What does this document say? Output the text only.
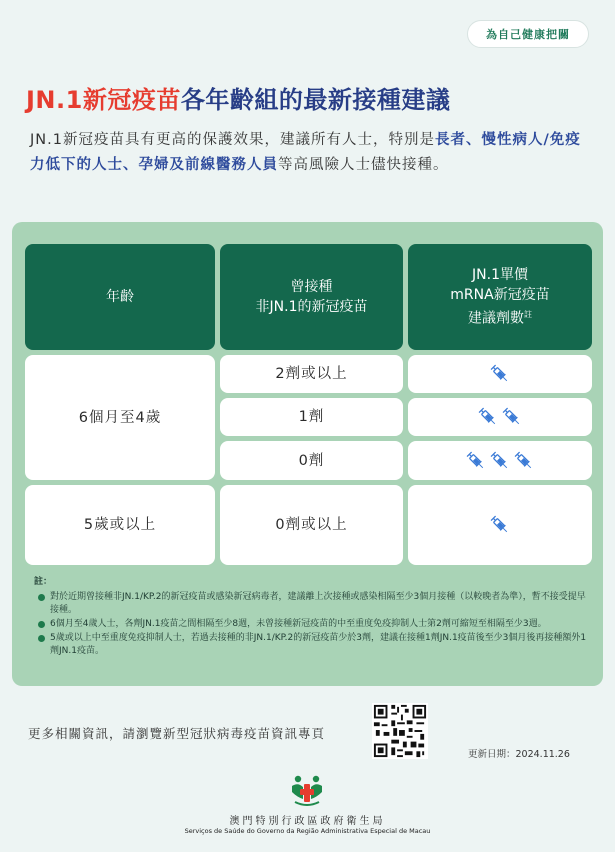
為自己健康把關
JN.1新冠疫苗各年齡組的最新接種建議
JN.1新冠疫苗具有更高的保護效果，建議所有人士，特別是長者、慢性病人/免疫力低下的人士、孕婦及前線醫務人員等高風險人士儘快接種。
年齡
曾接種
非JN.1的新冠疫苗
JN.1單價
mRNA新冠疫苗
建議劑數$^註$
6個月至4歲
2劑或以上
1劑
0劑
5歲或以上	0劑或以上
註：
對於近期曾接種非JN.1/KP.2的新冠疫苗或感染新冠病毒者，建議離上次接種或感染相隔至少3個月接種（以較晚者為準），暫不接受提早接種。
6個月至4歲人士，各劑JN.1疫苗之間相隔至少8週，未曾接種新冠疫苗的中至重度免疫抑制人士第2劑可縮短至相隔至少3週。
5歲或以上中至重度免疫抑制人士，若過去接種的非JN.1/KP.2的新冠疫苗少於3劑，建議在接種1劑JN.1疫苗後至少3個月後再接種額外1劑JN.1疫苗。
更多相關資訊，請瀏覽新型冠狀病毒疫苗資訊專頁
更新日期：2024.11.26
澳門特別行政區政府衛生局
Serviços de Saúde do Governo da Região Administrativa Especial de Macau
